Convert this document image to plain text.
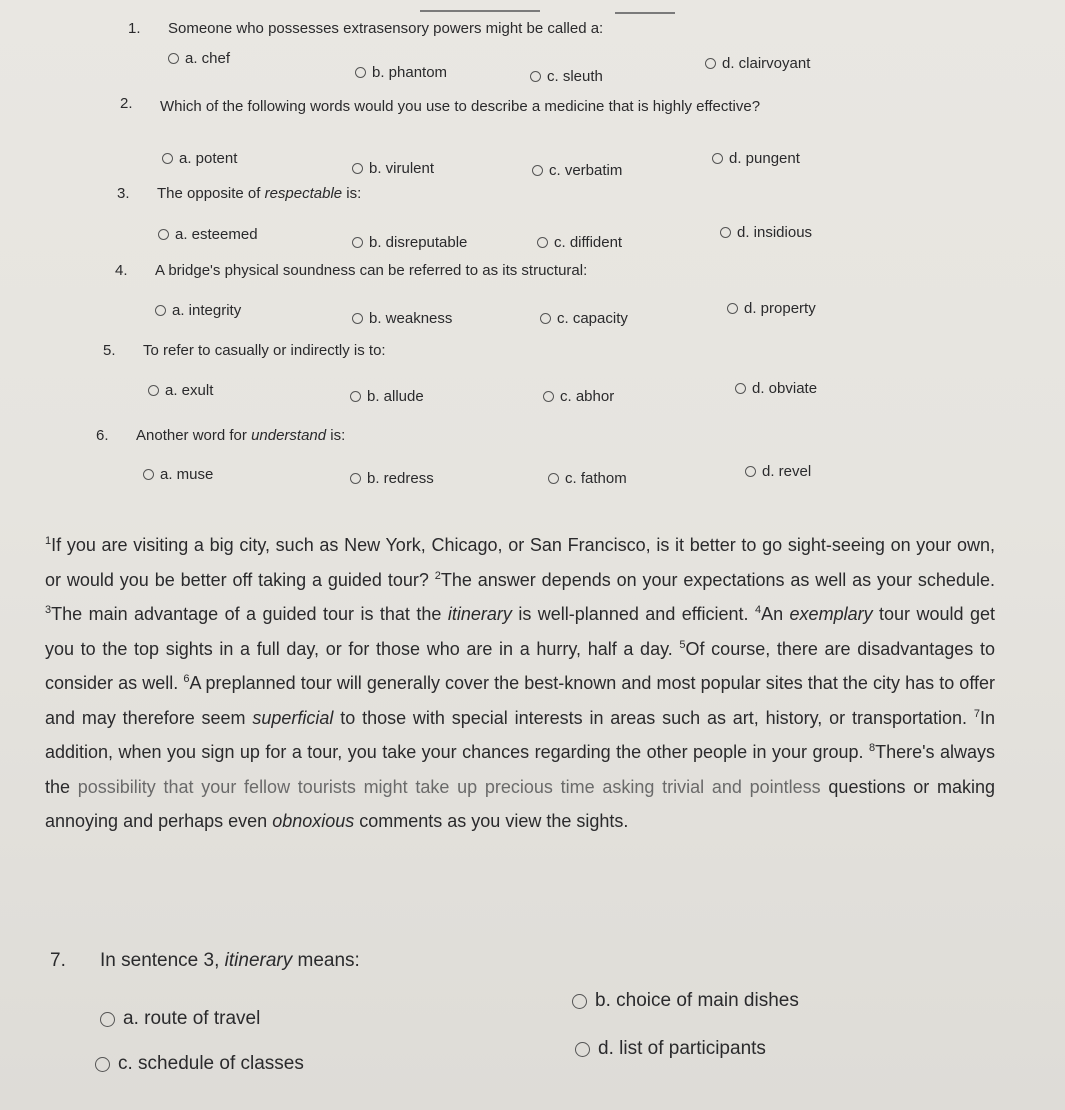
1. Someone who possesses extrasensory powers might be called a:
a. chef
b. phantom	c. sleuth
d. clairvoyant
2. Which of the following words would you use to describe a medicine that is highly effective?
a. potent
b. virulent	c. verbatim
d. pungent
3. The opposite of respectable is:
a. esteemed	b. disreputable	c. diffident
d. insidious
4. A bridge's physical soundness can be referred to as its structural:
a. integrity	b. weakness	c. capacity
d. property
5. To refer to casually or indirectly is to:
a. exult	b. allude	c. abhor	d. obviate
6. Another word for understand is:
a. muse	b. redress	c. fathom	d. revel
$^1$If you are visiting a big city, such as New York, Chicago, or San Francisco, is it better to go sight-seeing on your own, or would you be better off taking a guided tour? $^2$The answer depends on your expectations as well as your schedule. $^3$The main advantage of a guided tour is that the itinerary is well-planned and efficient. $^4$An exemplary tour would get you to the top sights in a full day, or for those who are in a hurry, half a day. $^5$Of course, there are disadvantages to consider as well. $^6$A preplanned tour will generally cover the best-known and most popular sites that the city has to offer and may therefore seem superficial to those with special interests in areas such as art, history, or transportation. $^7$In addition, when you sign up for a tour, you take your chances regarding the other people in your group. $^8$There's always the possibility that your fellow tourists might take up precious time asking trivial and pointless questions or making annoying and perhaps even obnoxious comments as you view the sights.
7. In sentence 3, itinerary means:
a. route of travel
b. choice of main dishes
c. schedule of classes
d. list of participants
